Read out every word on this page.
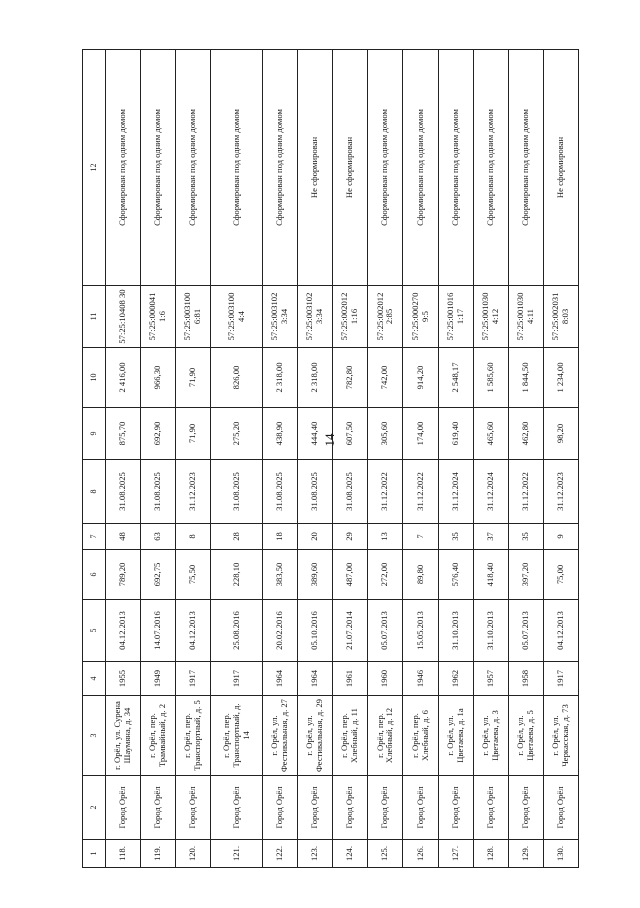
14
1	2	3	4	5	6	7	8	9	10	11	12
118.	Город Орёл	г. Орёл, ул. Сурена Шаумяна, д. 34	1955	04.12.2013	789,20	48	31.08.2025	875,70	2 416,00	57:25:10408 30	Сформирован под одним домом
119.	Город Орёл	г. Орёл, пер. Трамвайный, д. 2	1949	14.07.2016	692,75	63	31.08.2025	692,90	966,30	57:25:000041 1:6	Сформирован под одним домом
120.	Город Орёл	г. Орёл, пер. Транспортный, д. 5	1917	04.12.2013	75,50	8	31.12.2023	71,90	71,90	57:25:003100 6:81	Сформирован под одним домом
121.	Город Орёл	г. Орёл, пер. Транспортный, д. 14	1917	25.08.2016	228,10	28	31.08.2025	275,20	826,00	57:25:003100 4:4	Сформирован под одним домом
122.	Город Орёл	г. Орёл, ул. Фестивальная, д. 27	1964	20.02.2016	383,50	18	31.08.2025	438,90	2 318,00	57:25:003102 3:34	Сформирован под одним домом
123.	Город Орёл	г. Орёл, ул. Фестивальная, д. 29	1964	05.10.2016	389,60	20	31.08.2025	444,40	2 318,00	57:25:003102 3:34	Не сформирован
124.	Город Орёл	г. Орёл, пер. Хлебный, д. 11	1961	21.07.2014	487,00	29	31.08.2025	607,50	782,80	57:25:002012 1:16	Не сформирован
125.	Город Орёл	г. Орёл, пер. Хлебный, д. 12	1960	05.07.2013	272,00	13	31.12.2022	305,60	742,00	57:25:002012 2:85	Сформирован под одним домом
126.	Город Орёл	г. Орёл, пер. Хлебный, д. 6	1946	15.05.2013	89,80	7	31.12.2022	174,00	914,20	57:25:000270 9:5	Сформирован под одним домом
127.	Город Орёл	г. Орёл, ул. Цветаева, д. 1а	1962	31.10.2013	576,40	35	31.12.2024	619,40	2 548,17	57:25:001016 1:17	Сформирован под одним домом
128.	Город Орёл	г. Орёл, ул. Цветаева, д. 3	1957	31.10.2013	418,40	37	31.12.2024	465,60	1 585,60	57:25:001030 4:12	Сформирован под одним домом
129.	Город Орёл	г. Орёл, ул. Цветаева, д. 5	1958	05.07.2013	397,20	35	31.12.2022	462,80	1 844,50	57:25:001030 4:11	Сформирован под одним домом
130.	Город Орёл	г. Орёл, ул. Черкасская, д. 73	1917	04.12.2013	75,00	9	31.12.2023	98,20	1 234,00	57:25:002031 8:03	Не сформирован
